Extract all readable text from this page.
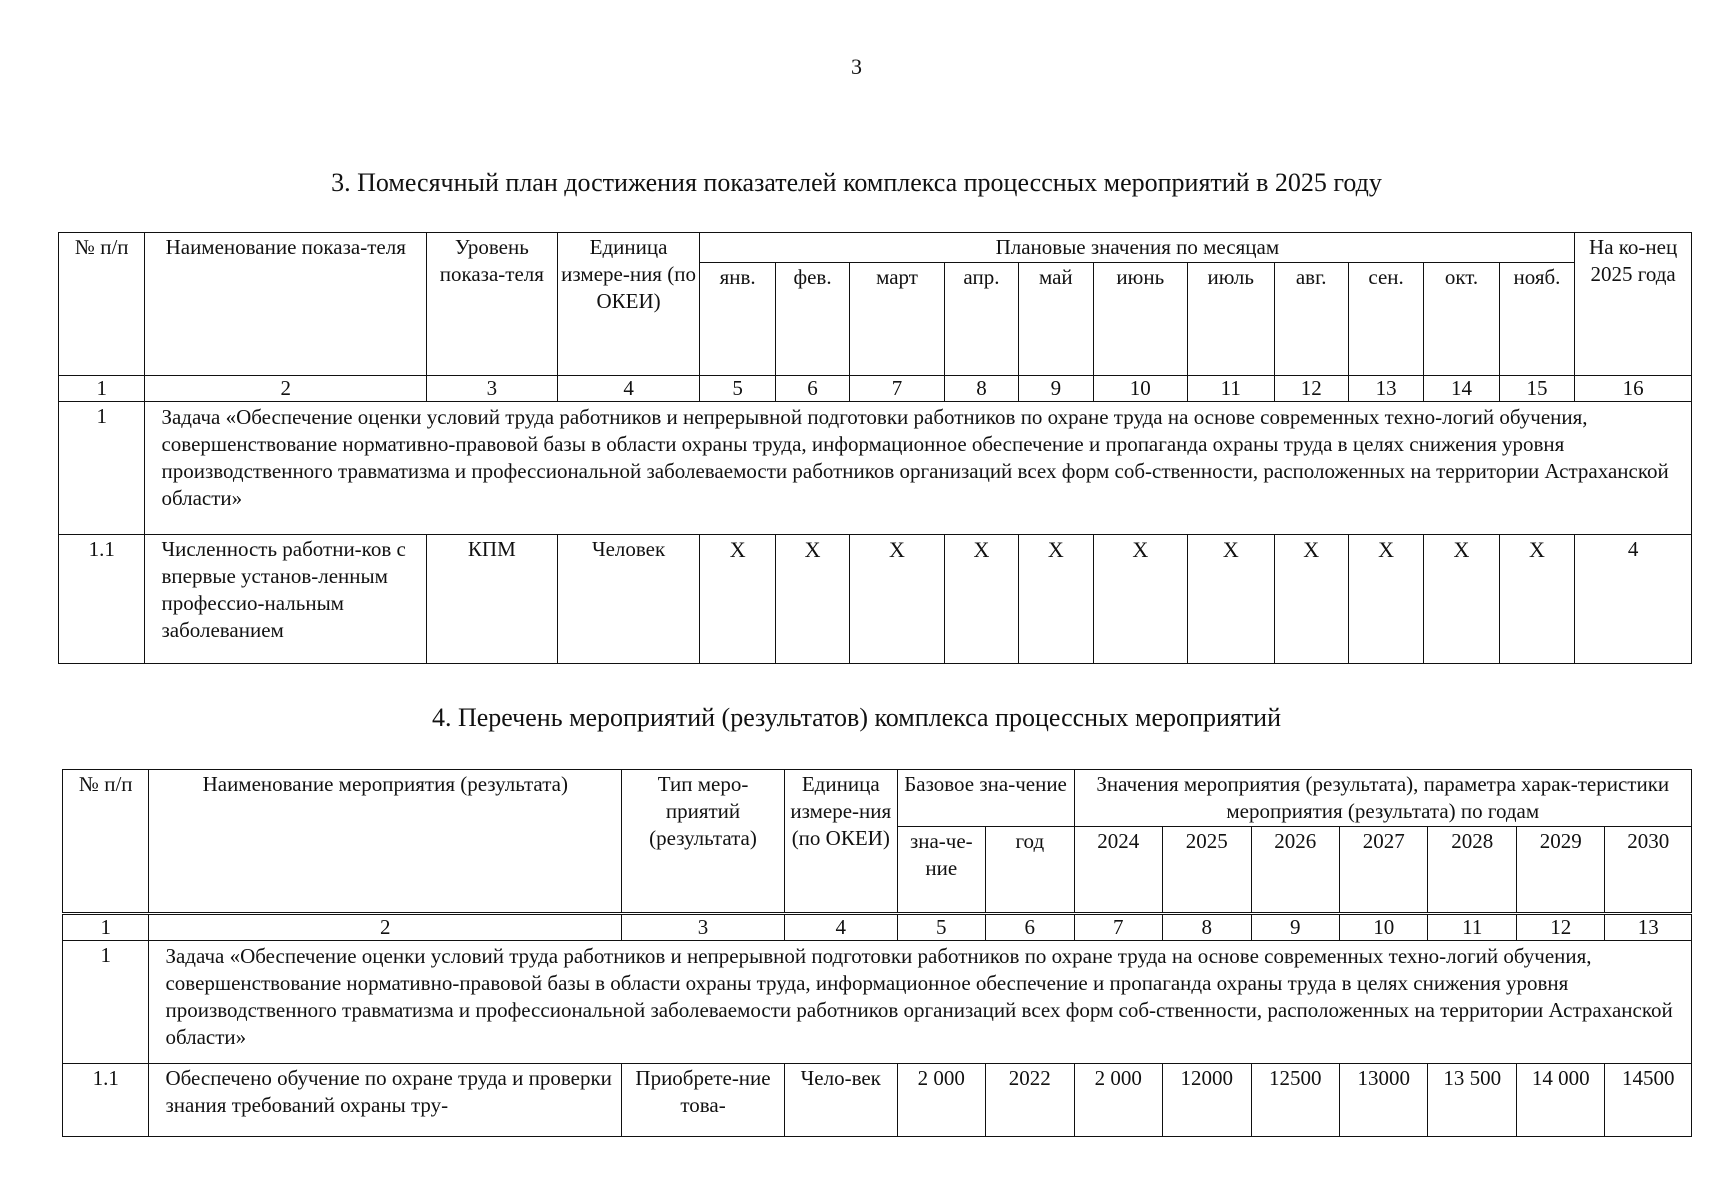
3
3. Помесячный план достижения показателей комплекса процессных мероприятий в 2025 году
№ п/п	Наименование показа-теля	Уровень показа-теля	Единица измере-ния (по ОКЕИ)	Плановые значения по месяцам											На ко-нец 2025 года
				янв.	фев.	март	апр.	май	июнь	июль	авг.	сен.	окт.	нояб.	
1	2	3	4	5	6	7	8	9	10	11	12	13	14	15	16
1	Задача «Обеспечение оценки условий труда работников и непрерывной подготовки работников по охране труда на основе современных техно-логий обучения, совершенствование нормативно-правовой базы в области охраны труда, информационное обеспечение и пропаганда охраны труда в целях снижения уровня производственного травматизма и профессиональной заболеваемости работников организаций всех форм соб-ственности, расположенных на территории Астраханской области»														
1.1	Численность работни-ков с впервые установ-ленным профессио-нальным заболеванием	КПМ	Человек	Х	Х	Х	Х	Х	Х	Х	Х	Х	Х	Х	4
4. Перечень мероприятий (результатов) комплекса процессных мероприятий
№ п/п	Наименование мероприятия (результата)	Тип меро-приятий (результата)	Единица измере-ния (по ОКЕИ)	Базовое зна-чение		Значения мероприятия (результата), параметра харак-теристики мероприятия (результата) по годам						
				зна-че-ние	год	2024	2025	2026	2027	2028	2029	2030
1	2	3	4	5	6	7	8	9	10	11	12	13
1	Задача «Обеспечение оценки условий труда работников и непрерывной подготовки работников по охране труда на основе современных техно-логий обучения, совершенствование нормативно-правовой базы в области охраны труда, информационное обеспечение и пропаганда охраны труда в целях снижения уровня производственного травматизма и профессиональной заболеваемости работников организаций всех форм соб-ственности, расположенных на территории Астраханской области»											
1.1	Обеспечено обучение по охране труда и проверки знания требований охраны тру-	Приобрете-ние това-	Чело-век	2 000	2022	2 000	12000	12500	13000	13 500	14 000	14500
